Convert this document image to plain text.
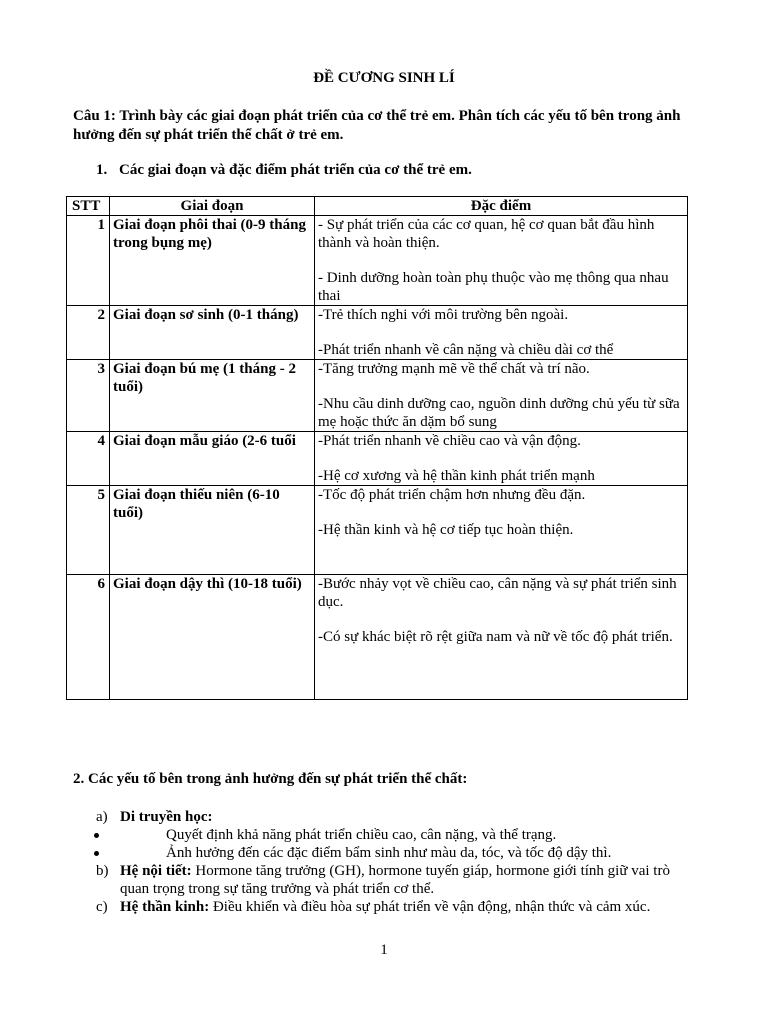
ĐỀ CƯƠNG SINH LÍ
Câu 1: Trình bày các giai đoạn phát triển của cơ thể trẻ em. Phân tích các yếu tố bên trong ảnh hưởng đến sự phát triển thể chất ở trẻ em.
1. Các giai đoạn và đặc điểm phát triển của cơ thể trẻ em.
STT	Giai đoạn	Đặc điểm
1	Giai đoạn phôi thai (0-9 tháng trong bụng mẹ)	- Sự phát triển của các cơ quan, hệ cơ quan bắt đầu hình thành và hoàn thiện.
- Dinh dưỡng hoàn toàn phụ thuộc vào mẹ thông qua nhau thai

2	Giai đoạn sơ sinh (0-1 tháng)	-Trẻ thích nghi với môi trường bên ngoài.
-Phát triển nhanh về cân nặng và chiều dài cơ thể

3	Giai đoạn bú mẹ (1 tháng - 2 tuổi)	-Tăng trưởng mạnh mẽ về thể chất và trí não.
-Nhu cầu dinh dưỡng cao, nguồn dinh dưỡng chủ yếu từ sữa mẹ hoặc thức ăn dặm bổ sung

4	Giai đoạn mẫu giáo (2-6 tuổi	-Phát triển nhanh về chiều cao và vận động.
-Hệ cơ xương và hệ thần kinh phát triển mạnh

5	Giai đoạn thiếu niên (6-10 tuổi)	-Tốc độ phát triển chậm hơn nhưng đều đặn.
-Hệ thần kinh và hệ cơ tiếp tục hoàn thiện.

6	Giai đoạn dậy thì (10-18 tuổi)	-Bước nhảy vọt về chiều cao, cân nặng và sự phát triển sinh dục.
-Có sự khác biệt rõ rệt giữa nam và nữ về tốc độ phát triển.
2. Các yếu tố bên trong ảnh hưởng đến sự phát triển thể chất:
a) Di truyền học:
Quyết định khả năng phát triển chiều cao, cân nặng, và thể trạng.
Ảnh hưởng đến các đặc điểm bẩm sinh như màu da, tóc, và tốc độ dậy thì.
b) Hệ nội tiết: Hormone tăng trưởng (GH), hormone tuyến giáp, hormone giới tính giữ vai trò quan trọng trong sự tăng trưởng và phát triển cơ thể.
c) Hệ thần kinh: Điều khiển và điều hòa sự phát triển về vận động, nhận thức và cảm xúc.
1
